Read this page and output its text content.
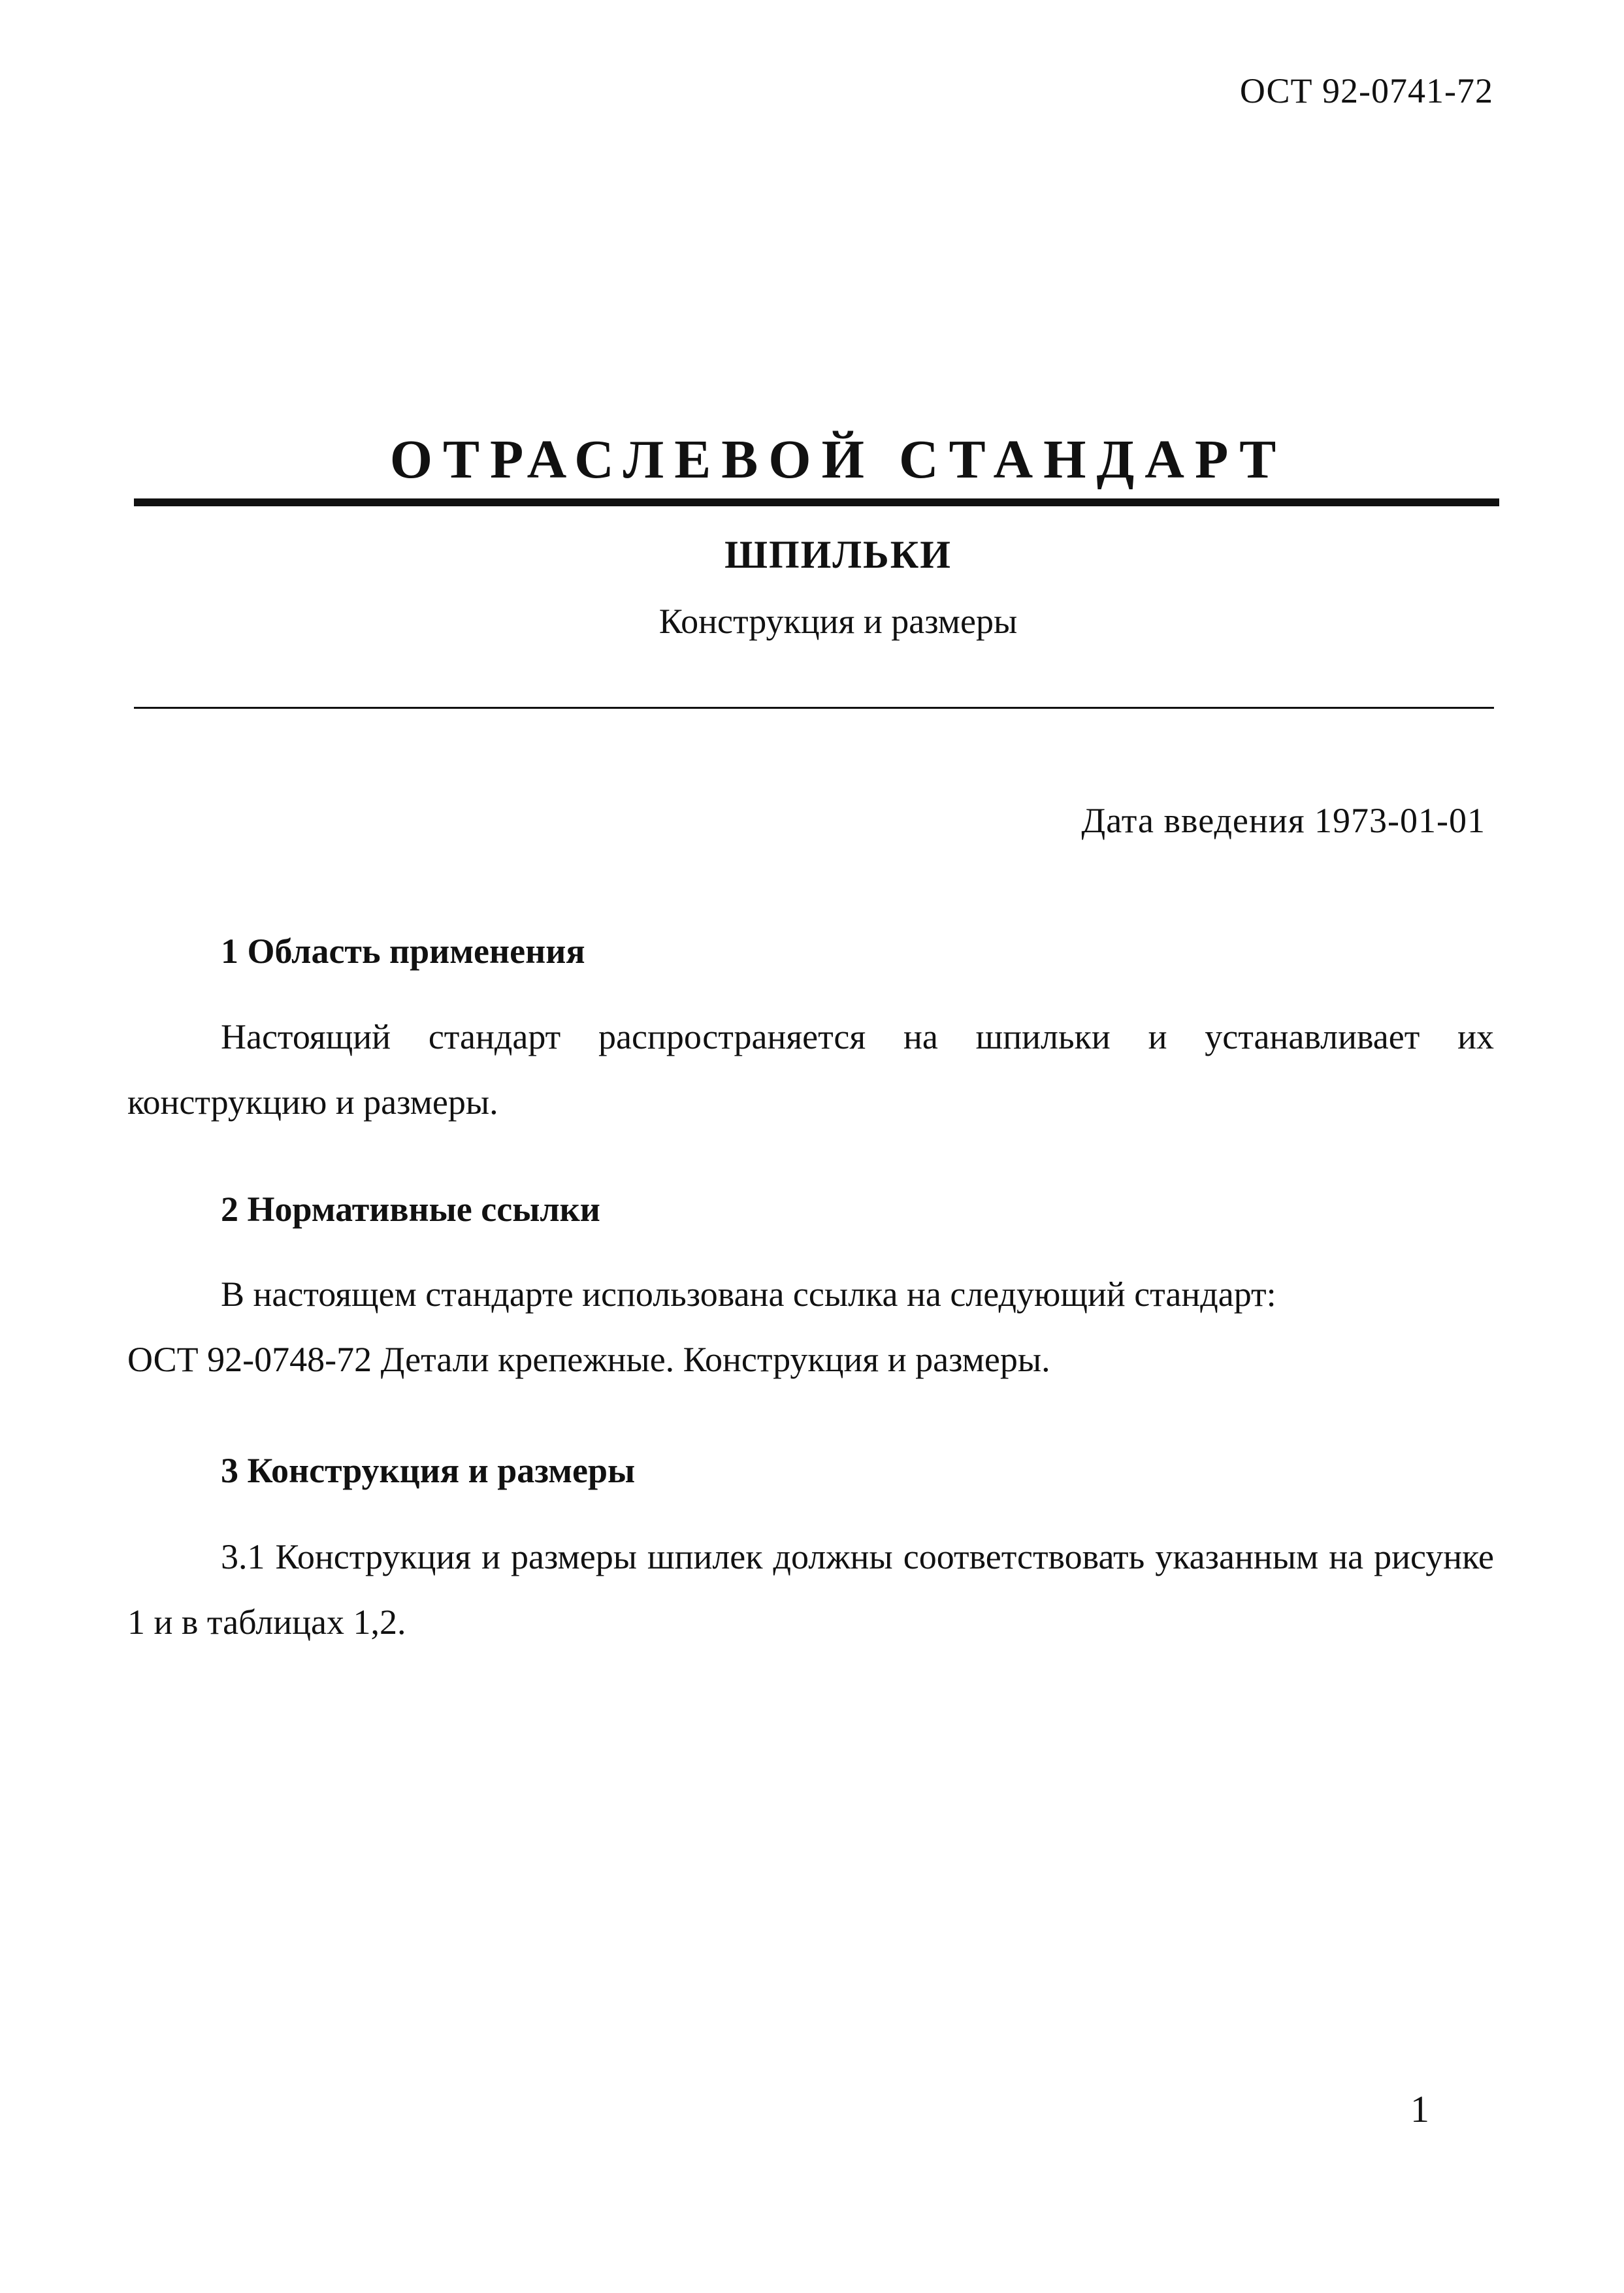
ОСТ 92-0741-72
ОТРАСЛЕВОЙ СТАНДАРТ
ШПИЛЬКИ
Конструкция и размеры
Дата введения 1973-01-01
1 Область применения

Настоящий стандарт распространяется на шпильки и устанавливает их конструкцию и размеры.

2 Нормативные ссылки
В настоящем стандарте использована ссылка на следующий стандарт:
ОСТ 92-0748-72 Детали крепежные. Конструкция и размеры.
3 Конструкция и размеры

3.1 Конструкция и размеры шпилек должны соответствовать указанным на рисунке 1 и в таблицах 1,2.

1
